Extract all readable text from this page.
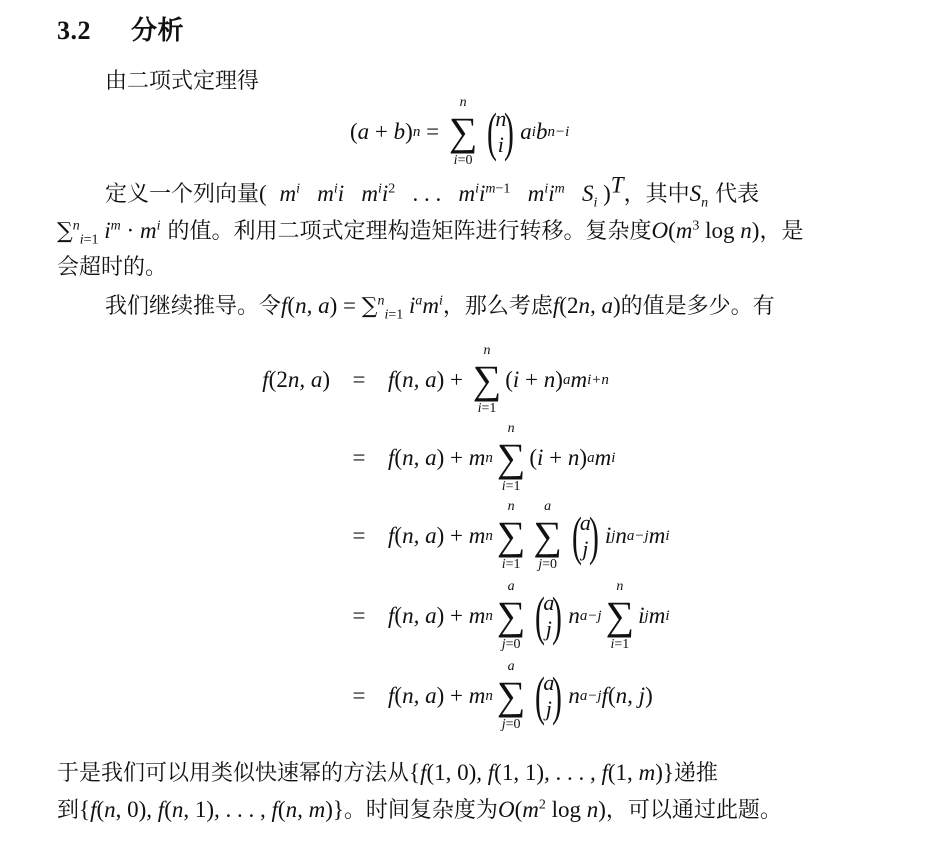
3.2 分析
由二项式定理得
( a + b ) n =
n
∑
i=0 (
n
i ) a i b n−i
定义一个列向量(  $m^i$   $m^ii$   $m^ii^2$ . . .   $m^ii^{m-1}$   $m^ii^m$   $S_i$ )$^T$，其中$S_n$ 代表
∑$^n_{i=1}$ $i^m \cdot m^i$ 的值。利用二项式定理构造矩阵进行转移。复杂度$O(m^3$ log n)，是
会超时的。
我们继续推导。令f(n, a) = ∑$^n_{i=1}$ $i^am^i$，那么考虑f(2n, a)的值是多少。有
f(2n, a) = f ( n, a ) +
n
∑
i=1
( i + n ) a m i+n
= f ( n, a ) + m n
n
∑
i=1
( i + n ) a m i
= f ( n, a ) + m n
n
∑
i=1
a
∑
j=0 (
a
j ) i j n a−j m i
= f ( n, a ) + m n
a
∑
j=0 (
a
j ) n a−j
n
∑
i=1
i j m i
= f ( n, a ) + m n
a
∑
j=0 (
a
j ) n a−j f ( n, j )
于是我们可以用类似快速幂的方法从{f(1, 0), f(1, 1), . . . , f(1, m)}递推
到{f(n, 0), f(n, 1), . . . , f(n, m)}。时间复杂度为$O(m^2$ log n)，可以通过此题。
